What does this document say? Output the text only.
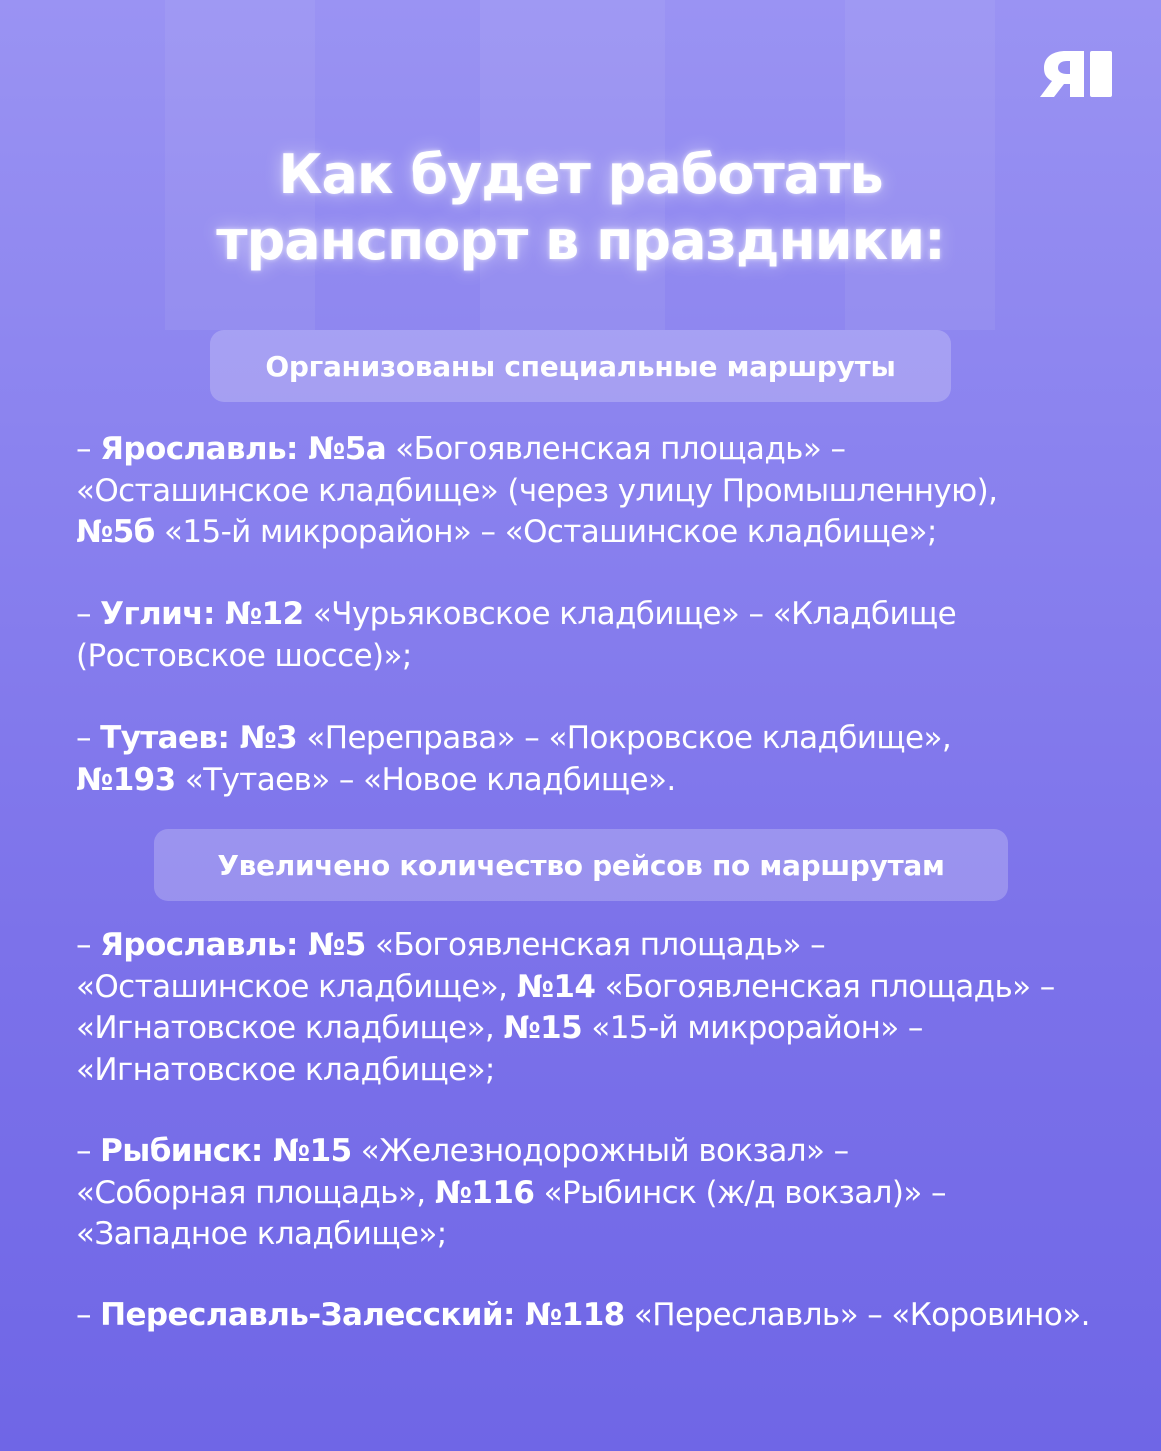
Как будет работать
транспорт в праздники:
Организованы специальные маршруты
– Ярославль: №5а «Богоявленская площадь» –
«Осташинское кладбище» (через улицу Промышленную),
№5б «15-й микрорайон» – «Осташинское кладбище»;
– Углич: №12 «Чурьяковское кладбище» – «Кладбище
(Ростовское шоссе)»;
– Тутаев: №3 «Переправа» – «Покровское кладбище»,
№193 «Тутаев» – «Новое кладбище».
Увеличено количество рейсов по маршрутам
– Ярославль: №5 «Богоявленская площадь» –
«Осташинское кладбище», №14 «Богоявленская площадь» –
«Игнатовское кладбище», №15 «15-й микрорайон» –
«Игнатовское кладбище»;
– Рыбинск: №15 «Железнодорожный вокзал» –
«Соборная площадь», №116 «Рыбинск (ж/д вокзал)» –
«Западное кладбище»;
– Переславль-Залесский: №118 «Переславль» – «Коровино».
